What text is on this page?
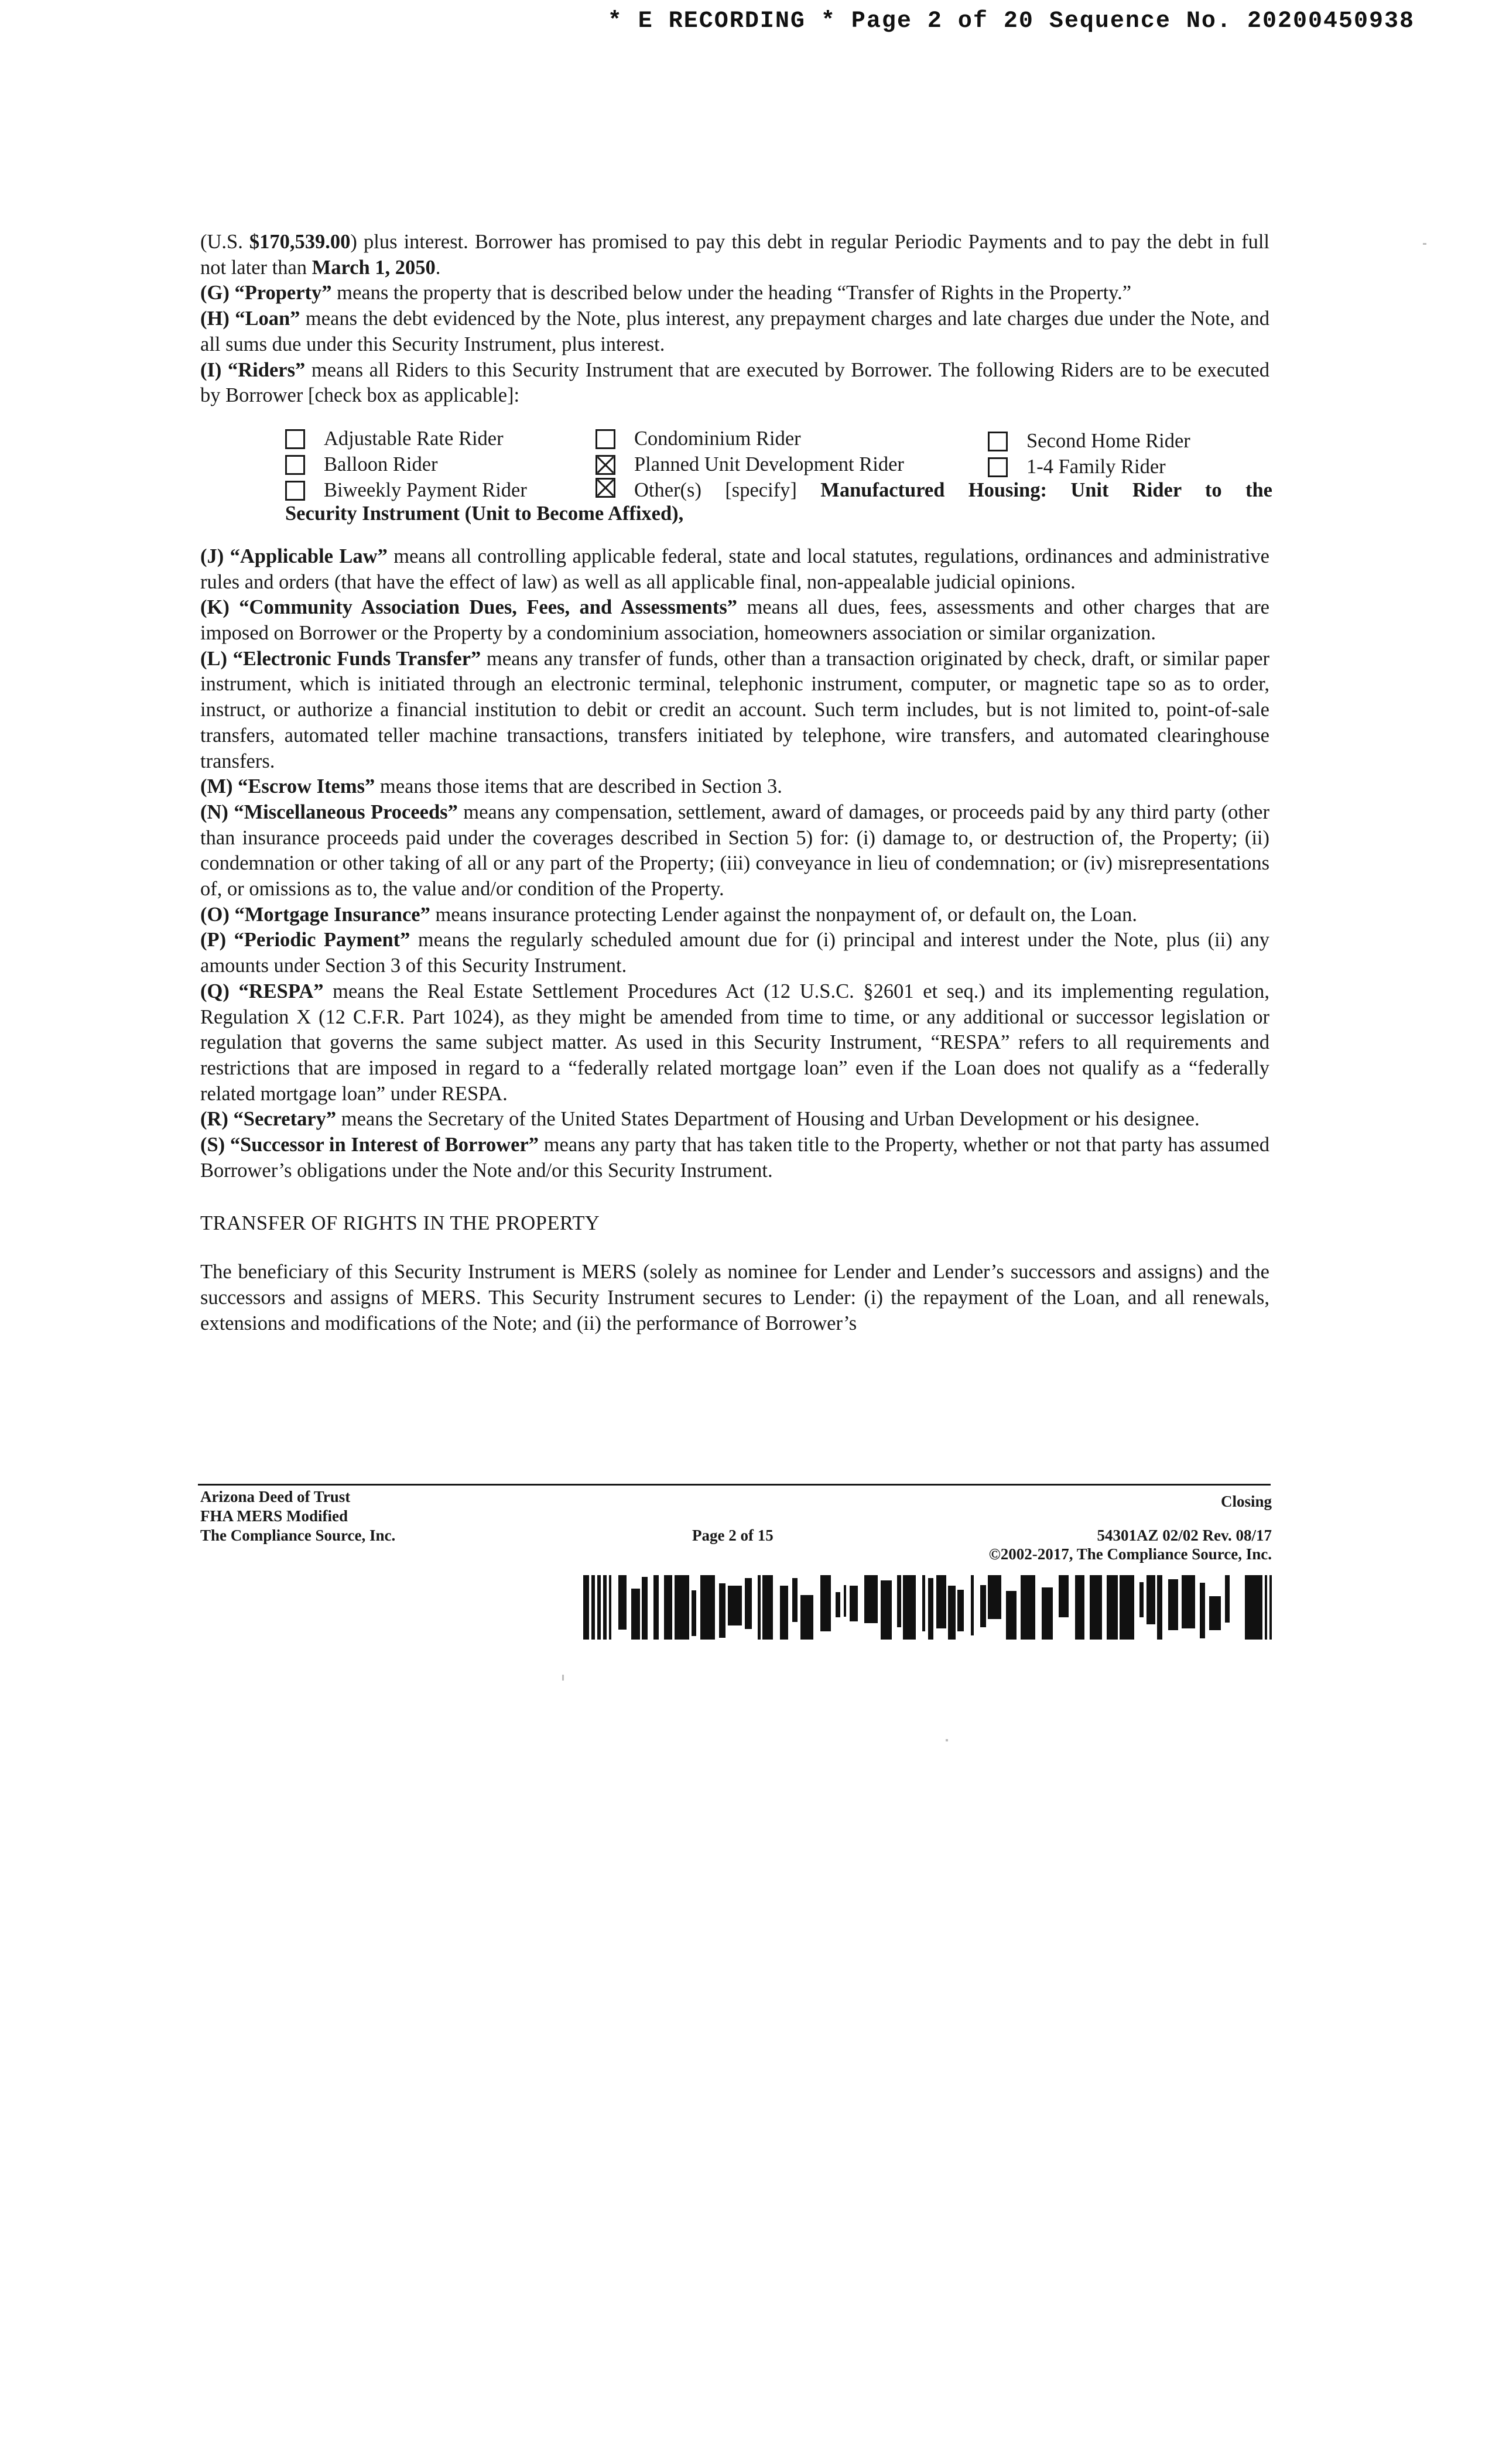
* E RECORDING * Page 2 of 20 Sequence No. 20200450938

(U.S. $170,539.00) plus interest. Borrower has promised to pay this debt in regular Periodic Payments and to pay the debt in full not later than March 1, 2050.

(G) “Property” means the property that is described below under the heading “Transfer of Rights in the Property.”

(H) “Loan” means the debt evidenced by the Note, plus interest, any prepayment charges and late charges due under the Note, and all sums due under this Security Instrument, plus interest.

(I) “Riders” means all Riders to this Security Instrument that are executed by Borrower. The following Riders are to be executed by Borrower [check box as applicable]:

Adjustable Rate Rider
Balloon Rider
Biweekly Payment Rider
Condominium Rider
Planned Unit Development Rider
Other(s) [specify] Manufactured Housing: Unit Rider to the
Security Instrument (Unit to Become Affixed),
Second Home Rider
1-4 Family Rider

(J) “Applicable Law” means all controlling applicable federal, state and local statutes, regulations, ordinances and administrative rules and orders (that have the effect of law) as well as all applicable final, non-appealable judicial opinions.

(K) “Community Association Dues, Fees, and Assessments” means all dues, fees, assessments and other charges that are imposed on Borrower or the Property by a condominium association, homeowners association or similar organization.

(L) “Electronic Funds Transfer” means any transfer of funds, other than a transaction originated by check, draft, or similar paper instrument, which is initiated through an electronic terminal, telephonic instrument, computer, or magnetic tape so as to order, instruct, or authorize a financial institution to debit or credit an account. Such term includes, but is not limited to, point-of-sale transfers, automated teller machine transactions, transfers initiated by telephone, wire transfers, and automated clearinghouse transfers.

(M) “Escrow Items” means those items that are described in Section 3.

(N) “Miscellaneous Proceeds” means any compensation, settlement, award of damages, or proceeds paid by any third party (other than insurance proceeds paid under the coverages described in Section 5) for: (i) damage to, or destruction of, the Property; (ii) condemnation or other taking of all or any part of the Property; (iii) conveyance in lieu of condemnation; or (iv) misrepresentations of, or omissions as to, the value and/or condition of the Property.

(O) “Mortgage Insurance” means insurance protecting Lender against the nonpayment of, or default on, the Loan.

(P) “Periodic Payment” means the regularly scheduled amount due for (i) principal and interest under the Note, plus (ii) any amounts under Section 3 of this Security Instrument.

(Q) “RESPA” means the Real Estate Settlement Procedures Act (12 U.S.C. §2601 et seq.) and its implementing regulation, Regulation X (12 C.F.R. Part 1024), as they might be amended from time to time, or any additional or successor legislation or regulation that governs the same subject matter. As used in this Security Instrument, “RESPA” refers to all requirements and restrictions that are imposed in regard to a “federally related mortgage loan” even if the Loan does not qualify as a “federally related mortgage loan” under RESPA.

(R) “Secretary” means the Secretary of the United States Department of Housing and Urban Development or his designee.

(S) “Successor in Interest of Borrower” means any party that has taken title to the Property, whether or not that party has assumed Borrower’s obligations under the Note and/or this Security Instrument.

TRANSFER OF RIGHTS IN THE PROPERTY

The beneficiary of this Security Instrument is MERS (solely as nominee for Lender and Lender’s successors and assigns) and the successors and assigns of MERS. This Security Instrument secures to Lender: (i) the repayment of the Loan, and all renewals, extensions and modifications of the Note; and (ii) the performance of Borrower’s

Arizona Deed of Trust
FHA MERS Modified
The Compliance Source, Inc.	Page 2 of 15
Closing
54301AZ 02/02 Rev. 08/17
©2002-2017, The Compliance Source, Inc.
